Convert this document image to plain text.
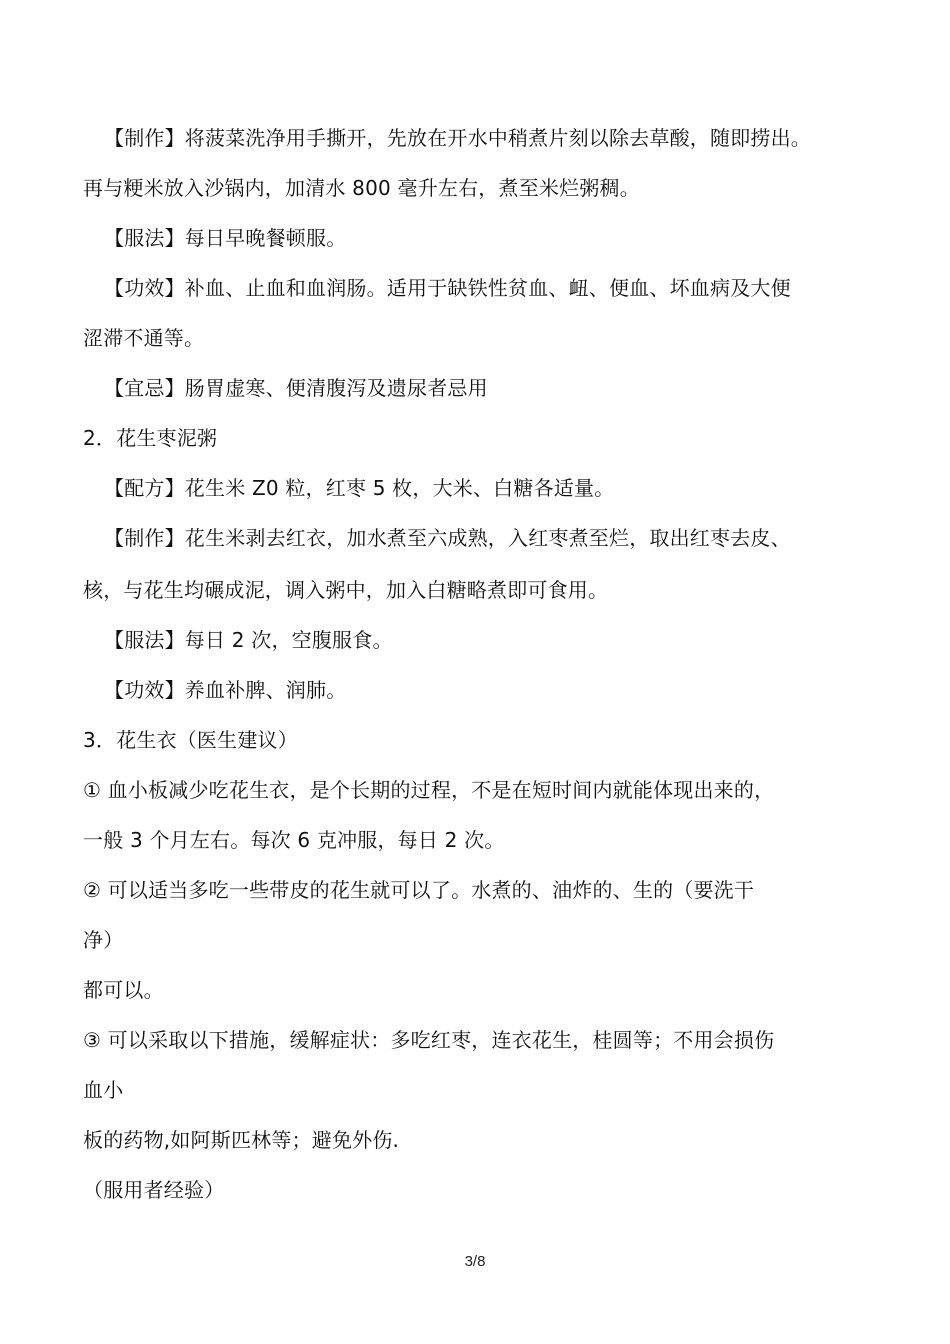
【制作】将菠菜洗净用手撕开，先放在开水中稍煮片刻以除去草酸，随即捞出。
再与粳米放入沙锅内，加清水 800 毫升左右，煮至米烂粥稠。
【服法】每日早晚餐顿服。
【功效】补血、止血和血润肠。适用于缺铁性贫血、衄、便血、坏血病及大便
涩滞不通等。
【宜忌】肠胃虚寒、便清腹泻及遗尿者忌用
2．花生枣泥粥
【配方】花生米 Z0 粒，红枣 5 枚，大米、白糖各适量。
【制作】花生米剥去红衣，加水煮至六成熟，入红枣煮至烂，取出红枣去皮、
核，与花生均碾成泥，调入粥中，加入白糖略煮即可食用。
【服法】每日 2 次，空腹服食。
【功效】养血补脾、润肺。
3．花生衣（医生建议）
① 血小板减少吃花生衣，是个长期的过程，不是在短时间内就能体现出来的，
一般 3 个月左右。每次 6 克冲服，每日 2 次。
② 可以适当多吃一些带皮的花生就可以了。水煮的、油炸的、生的（要洗干
净）
都可以。
③ 可以采取以下措施，缓解症状：多吃红枣，连衣花生，桂圆等；不用会损伤
血小
板的药物,如阿斯匹林等；避免外伤.
（服用者经验）
3/8
